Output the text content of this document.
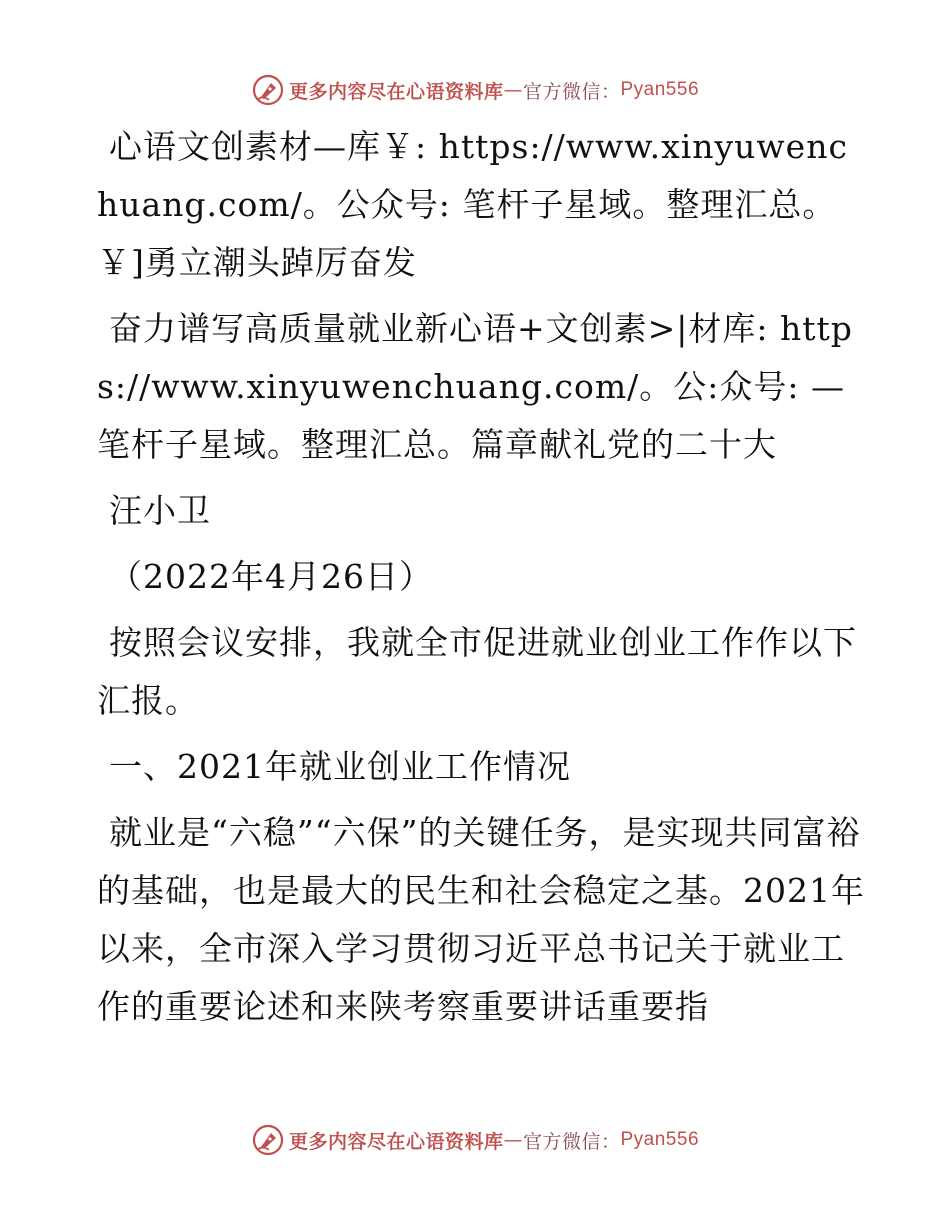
更多内容尽在心语资料库 — 官方微信： Pyan556

心语文创素材—库￥: https://www.xinyuwenchuang.com/。公众号: 笔杆子星域。整理汇总。￥]勇立潮头踔厉奋发

奋力谱写高质量就业新心语+文创素>|材库: https://www.xinyuwenchuang.com/。公:众号: —笔杆子星域。整理汇总。篇章献礼党的二十大

汪小卫

（2022年4月26日）

按照会议安排，我就全市促进就业创业工作作以下汇报。

一、2021年就业创业工作情况

就业是“六稳”“六保”的关键任务，是实现共同富裕的基础，也是最大的民生和社会稳定之基。2021年以来，全市深入学习贯彻习近平总书记关于就业工作的重要论述和来陕考察重要讲话重要指

更多内容尽在心语资料库 — 官方微信： Pyan556
